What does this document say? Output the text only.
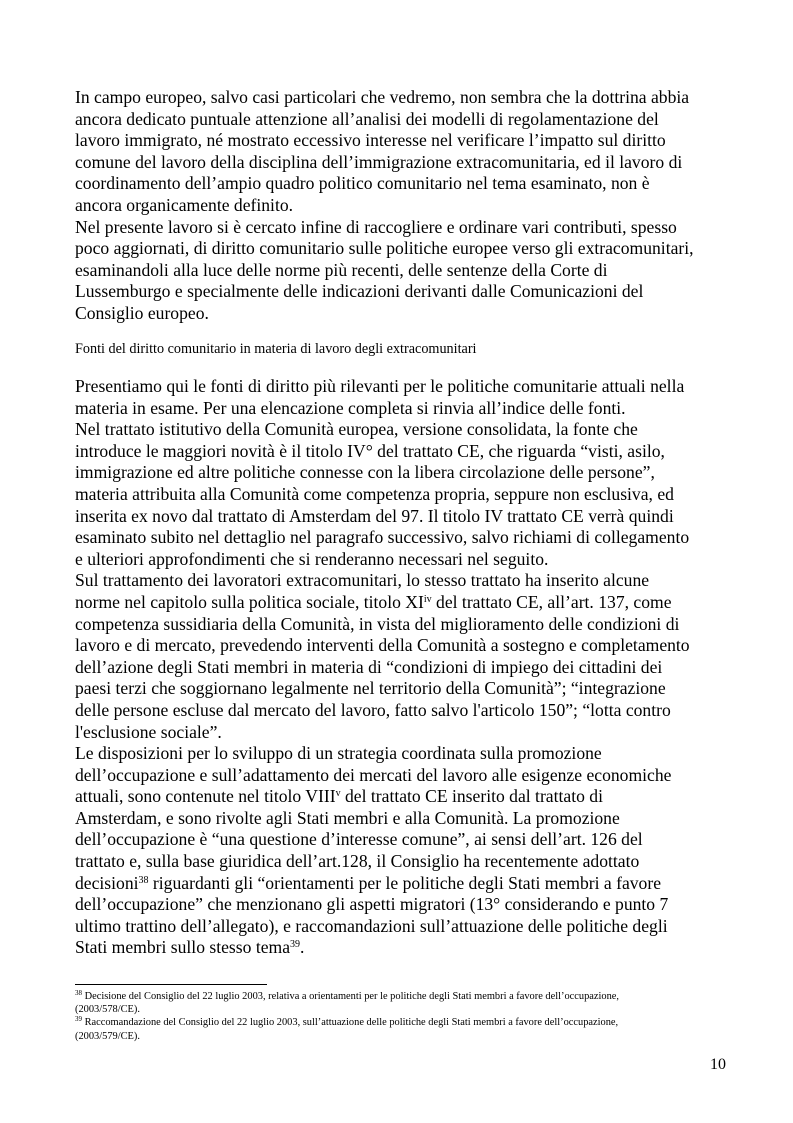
In campo europeo, salvo casi particolari che vedremo, non sembra che la dottrina abbia

ancora dedicato puntuale attenzione all’analisi dei modelli di regolamentazione del

lavoro immigrato, né mostrato eccessivo interesse nel verificare l’impatto sul diritto

comune del lavoro della disciplina dell’immigrazione extracomunitaria, ed il lavoro di

coordinamento dell’ampio quadro politico comunitario nel tema esaminato, non è

ancora organicamente definito.

Nel presente lavoro si è cercato infine di raccogliere e ordinare vari contributi, spesso

poco aggiornati, di diritto comunitario sulle politiche europee verso gli extracomunitari,

esaminandoli alla luce delle norme più recenti, delle sentenze della Corte di

Lussemburgo e specialmente delle indicazioni derivanti dalle Comunicazioni del

Consiglio europeo.

Fonti del diritto comunitario in materia di lavoro degli extracomunitari

Presentiamo qui le fonti di diritto più rilevanti per le politiche comunitarie attuali nella

materia in esame. Per una elencazione completa si rinvia all’indice delle fonti.

Nel trattato istitutivo della Comunità europea, versione consolidata, la fonte che

introduce le maggiori novità è il titolo IV° del trattato CE, che riguarda “visti, asilo,

immigrazione ed altre politiche connesse con la libera circolazione delle persone”,

materia attribuita alla Comunità come competenza propria, seppure non esclusiva, ed

inserita ex novo dal trattato di Amsterdam del 97. Il titolo IV trattato CE verrà quindi

esaminato subito nel dettaglio nel paragrafo successivo, salvo richiami di collegamento

e ulteriori approfondimenti che si renderanno necessari nel seguito.

Sul trattamento dei lavoratori extracomunitari, lo stesso trattato ha inserito alcune

norme nel capitolo sulla politica sociale, titolo XI$^{iv}$ del trattato CE, all’art. 137, come

competenza sussidiaria della Comunità, in vista del miglioramento delle condizioni di

lavoro e di mercato, prevedendo interventi della Comunità a sostegno e completamento

dell’azione degli Stati membri in materia di “condizioni di impiego dei cittadini dei

paesi terzi che soggiornano legalmente nel territorio della Comunità”; “integrazione

delle persone escluse dal mercato del lavoro, fatto salvo l'articolo 150”; “lotta contro

l'esclusione sociale”.

Le disposizioni per lo sviluppo di un strategia coordinata sulla promozione

dell’occupazione e sull’adattamento dei mercati del lavoro alle esigenze economiche

attuali, sono contenute nel titolo VIII$^v$ del trattato CE inserito dal trattato di

Amsterdam, e sono rivolte agli Stati membri e alla Comunità. La promozione

dell’occupazione è “una questione d’interesse comune”, ai sensi dell’art. 126 del

trattato e, sulla base giuridica dell’art.128, il Consiglio ha recentemente adottato

decisioni$^{38}$ riguardanti gli “orientamenti per le politiche degli Stati membri a favore

dell’occupazione” che menzionano gli aspetti migratori (13° considerando e punto 7

ultimo trattino dell’allegato), e raccomandazioni sull’attuazione delle politiche degli

Stati membri sullo stesso tema$^{39}$.

$^{38}$ Decisione del Consiglio del 22 luglio 2003, relativa a orientamenti per le politiche degli Stati membri a favore dell’occupazione,

(2003/578/CE).

$^{39}$ Raccomandazione del Consiglio del 22 luglio 2003, sull’attuazione delle politiche degli Stati membri a favore dell’occupazione,

(2003/579/CE).

10
